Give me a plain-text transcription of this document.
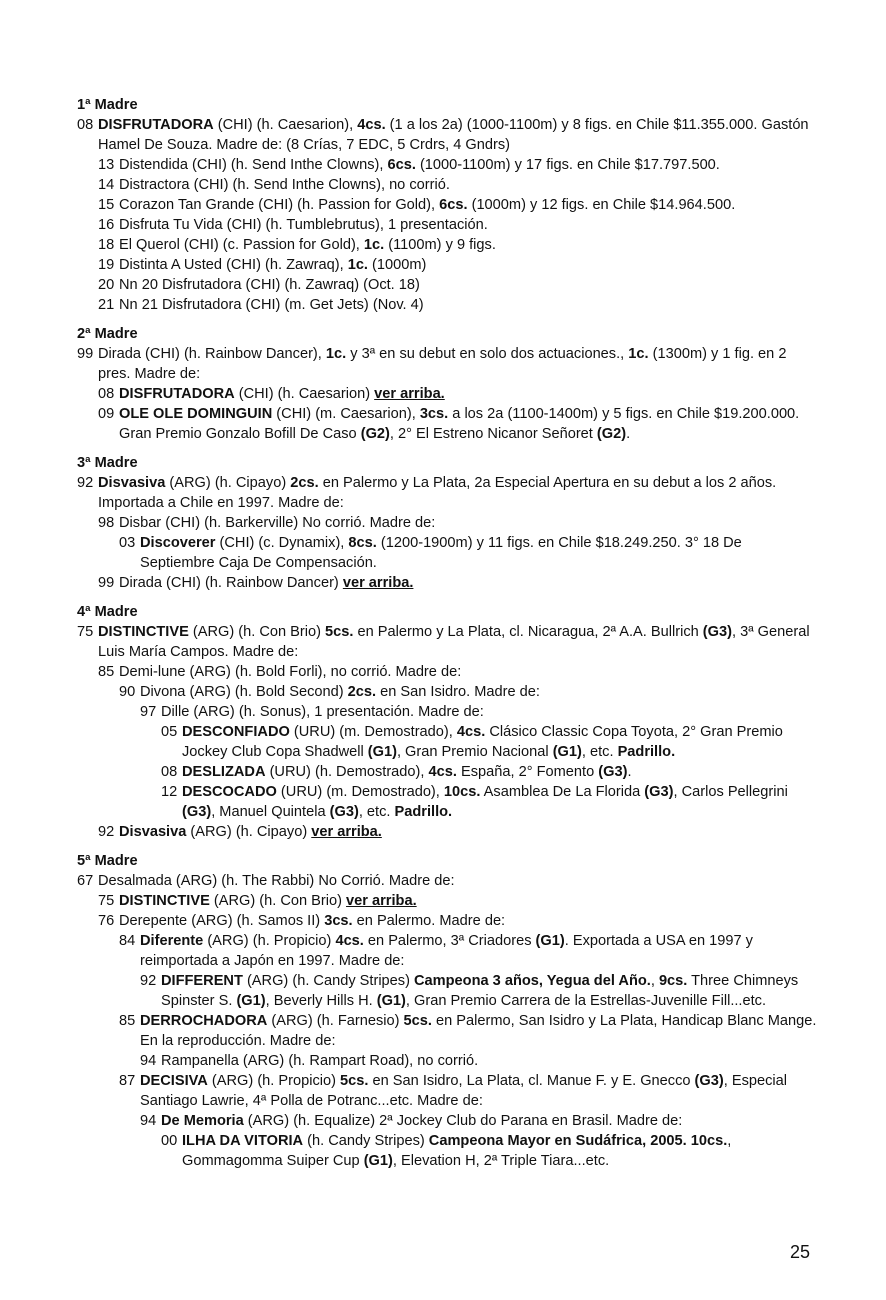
1ª Madre
08 DISFRUTADORA (CHI) (h. Caesarion), 4cs. (1 a los 2a) (1000-1100m) y 8 figs. en Chile $11.355.000. Gastón Hamel De Souza. Madre de: (8 Crías, 7 EDC, 5 Crdrs, 4 Gndrs)
13 Distendida (CHI) (h. Send Inthe Clowns), 6cs. (1000-1100m) y 17 figs. en Chile $17.797.500.
14 Distractora (CHI) (h. Send Inthe Clowns), no corrió.
15 Corazon Tan Grande (CHI) (h. Passion for Gold), 6cs. (1000m) y 12 figs. en Chile $14.964.500.
16 Disfruta Tu Vida (CHI) (h. Tumblebrutus), 1 presentación.
18 El Querol (CHI) (c. Passion for Gold), 1c. (1100m) y 9 figs.
19 Distinta A Usted (CHI) (h. Zawraq), 1c. (1000m)
20 Nn 20 Disfrutadora (CHI) (h. Zawraq) (Oct. 18)
21 Nn 21 Disfrutadora (CHI) (m. Get Jets) (Nov. 4)
2ª Madre
99 Dirada (CHI) (h. Rainbow Dancer), 1c. y 3ª en su debut en solo dos actuaciones., 1c. (1300m) y 1 fig. en 2 pres. Madre de:
08 DISFRUTADORA (CHI) (h. Caesarion) ver arriba.
09 OLE OLE DOMINGUIN (CHI) (m. Caesarion), 3cs. a los 2a (1100-1400m) y 5 figs. en Chile $19.200.000. Gran Premio Gonzalo Bofill De Caso (G2), 2° El Estreno Nicanor Señoret (G2).
3ª Madre
92 Disvasiva (ARG) (h. Cipayo) 2cs. en Palermo y La Plata, 2a Especial Apertura en su debut a los 2 años. Importada a Chile en 1997. Madre de:
98 Disbar (CHI) (h. Barkerville) No corrió. Madre de:
03 Discoverer (CHI) (c. Dynamix), 8cs. (1200-1900m) y 11 figs. en Chile $18.249.250. 3° 18 De Septiembre Caja De Compensación.
99 Dirada (CHI) (h. Rainbow Dancer) ver arriba.
4ª Madre
75 DISTINCTIVE (ARG) (h. Con Brio) 5cs. en Palermo y La Plata, cl. Nicaragua, 2ª A.A. Bullrich (G3), 3ª General Luis María Campos. Madre de:
85 Demi-lune (ARG) (h. Bold Forli), no corrió. Madre de:
90 Divona (ARG) (h. Bold Second) 2cs. en San Isidro. Madre de:
97 Dille (ARG) (h. Sonus), 1 presentación. Madre de:
05 DESCONFIADO (URU) (m. Demostrado), 4cs. Clásico Classic Copa Toyota, 2° Gran Premio Jockey Club Copa Shadwell (G1), Gran Premio Nacional (G1), etc. Padrillo.
08 DESLIZADA (URU) (h. Demostrado), 4cs. España, 2° Fomento (G3).
12 DESCOCADO (URU) (m. Demostrado), 10cs. Asamblea De La Florida (G3), Carlos Pellegrini (G3), Manuel Quintela (G3), etc. Padrillo.
92 Disvasiva (ARG) (h. Cipayo) ver arriba.
5ª Madre
67 Desalmada (ARG) (h. The Rabbi) No Corrió. Madre de:
75 DISTINCTIVE (ARG) (h. Con Brio) ver arriba.
76 Derepente (ARG) (h. Samos II) 3cs. en Palermo. Madre de:
84 Diferente (ARG) (h. Propicio) 4cs. en Palermo, 3ª Criadores (G1). Exportada a USA en 1997 y reimportada a Japón en 1997. Madre de:
92 DIFFERENT (ARG) (h. Candy Stripes) Campeona 3 años, Yegua del Año., 9cs. Three Chimneys Spinster S. (G1), Beverly Hills H. (G1), Gran Premio Carrera de la Estrellas-Juvenille Fill...etc.
85 DERROCHADORA (ARG) (h. Farnesio) 5cs. en Palermo, San Isidro y La Plata, Handicap Blanc Mange. En la reproducción. Madre de:
94 Rampanella (ARG) (h. Rampart Road), no corrió.
87 DECISIVA (ARG) (h. Propicio) 5cs. en San Isidro, La Plata, cl. Manue F. y E. Gnecco (G3), Especial Santiago Lawrie, 4ª Polla de Potranc...etc. Madre de:
94 De Memoria (ARG) (h. Equalize) 2ª Jockey Club do Parana en Brasil. Madre de:
00 ILHA DA VITORIA (h. Candy Stripes) Campeona Mayor en Sudáfrica, 2005. 10cs., Gommagomma Suiper Cup (G1), Elevation H, 2ª Triple Tiara...etc.
25
